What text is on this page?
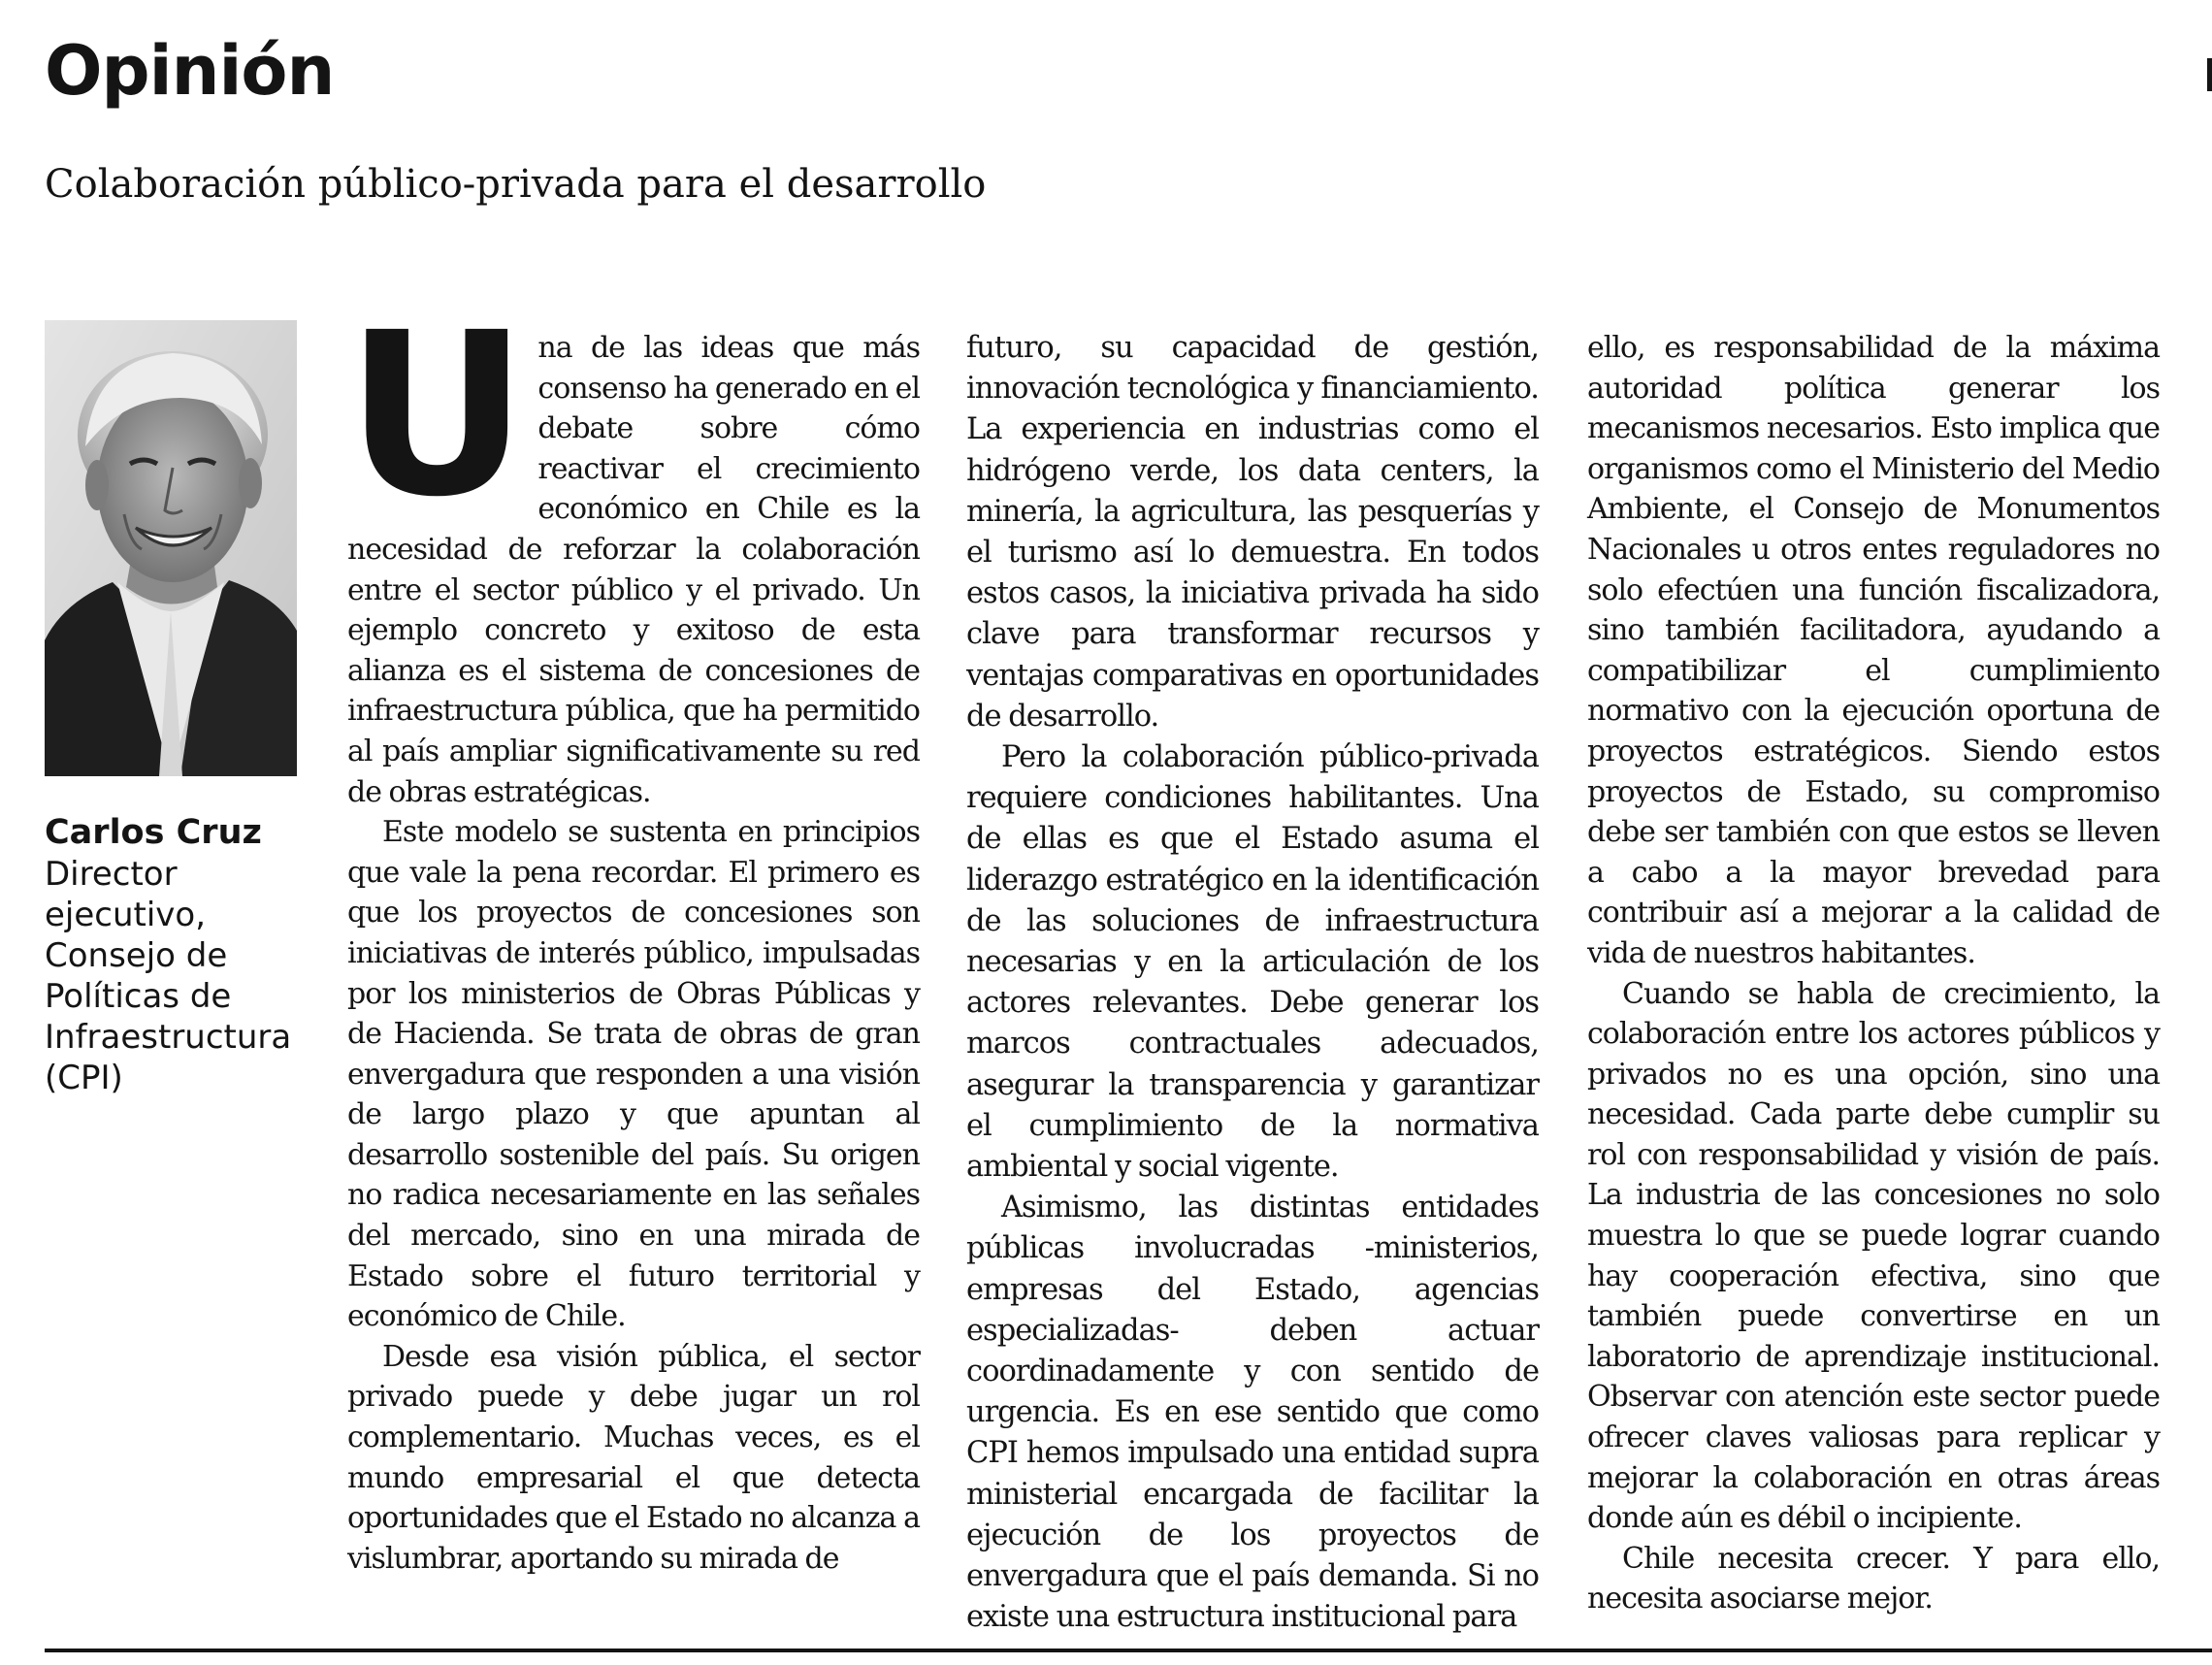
Opinión
Colaboración público-privada para el desarrollo
Carlos Cruz
Director ejecutivo, Consejo de Políticas de Infraestructura (CPI)
U na de las ideas que más consenso ha generado en el debate sobre cómo reactivar el crecimiento económico en Chile es la necesidad de reforzar la colaboración entre el sector público y el privado. Un ejemplo concreto y exitoso de esta alianza es el sistema de concesiones de infraestructura pública, que ha permitido al país ampliar significativamente su red de obras estratégicas.

Este modelo se sustenta en principios que vale la pena recordar. El primero es que los proyectos de concesiones son iniciativas de interés público, impulsadas por los ministerios de Obras Públicas y de Hacienda. Se trata de obras de gran envergadura que responden a una visión de largo plazo y que apuntan al desarrollo sostenible del país. Su origen no radica necesariamente en las señales del mercado, sino en una mirada de Estado sobre el futuro territorial y económico de Chile.

Desde esa visión pública, el sector privado puede y debe jugar un rol complementario. Muchas veces, es el mundo empresarial el que detecta oportunidades que el Estado no alcanza a vislumbrar, aportando su mirada de

futuro, su capacidad de gestión, innovación tecnológica y financiamiento. La experiencia en industrias como el hidrógeno verde, los data centers, la minería, la agricultura, las pesquerías y el turismo así lo demuestra. En todos estos casos, la iniciativa privada ha sido clave para transformar recursos y ventajas comparativas en oportunidades de desarrollo.

Pero la colaboración público-privada requiere condiciones habilitantes. Una de ellas es que el Estado asuma el liderazgo estratégico en la identificación de las soluciones de infraestructura necesarias y en la articulación de los actores relevantes. Debe generar los marcos contractuales adecuados, asegurar la transparencia y garantizar el cumplimiento de la normativa ambiental y social vigente.

Asimismo, las distintas entidades públicas involucradas -ministerios, empresas del Estado, agencias especializadas- deben actuar coordinadamente y con sentido de urgencia. Es en ese sentido que como CPI hemos impulsado una entidad supra ministerial encargada de facilitar la ejecución de los proyectos de envergadura que el país demanda. Si no existe una estructura institucional para

ello, es responsabilidad de la máxima autoridad política generar los mecanismos necesarios. Esto implica que organismos como el Ministerio del Medio Ambiente, el Consejo de Monumentos Nacionales u otros entes reguladores no solo efectúen una función fiscalizadora, sino también facilitadora, ayudando a compatibilizar el cumplimiento normativo con la ejecución oportuna de proyectos estratégicos. Siendo estos proyectos de Estado, su compromiso debe ser también con que estos se lleven a cabo a la mayor brevedad para contribuir así a mejorar a la calidad de vida de nuestros habitantes.

Cuando se habla de crecimiento, la colaboración entre los actores públicos y privados no es una opción, sino una necesidad. Cada parte debe cumplir su rol con responsabilidad y visión de país. La industria de las concesiones no solo muestra lo que se puede lograr cuando hay cooperación efectiva, sino que también puede convertirse en un laboratorio de aprendizaje institucional. Observar con atención este sector puede ofrecer claves valiosas para replicar y mejorar la colaboración en otras áreas donde aún es débil o incipiente.

Chile necesita crecer. Y para ello, necesita asociarse mejor.
